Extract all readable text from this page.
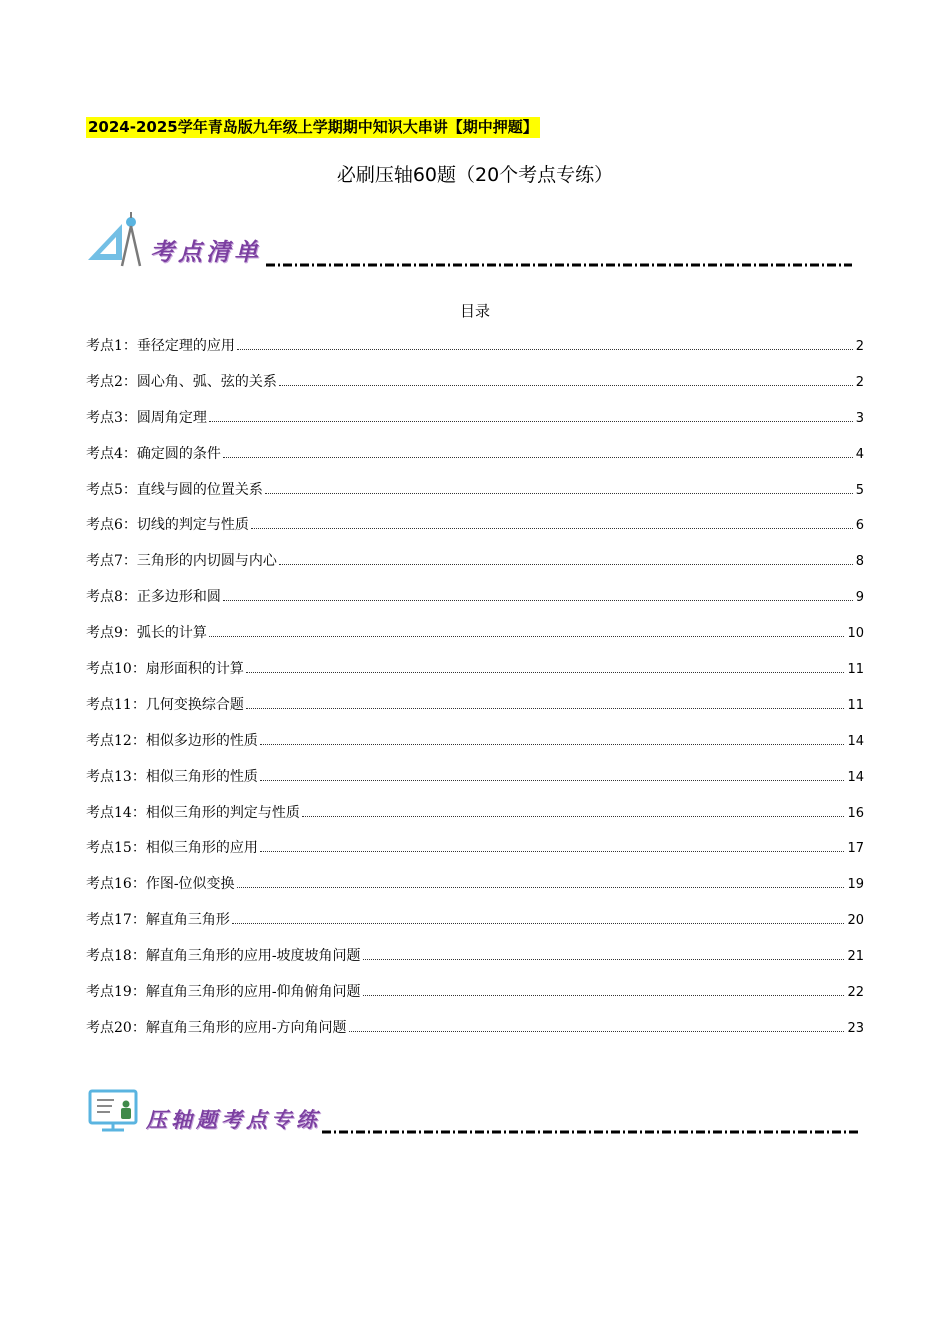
2024-2025学年青岛版九年级上学期期中知识大串讲【期中押题】
必刷压轴60题（20个考点专练）
考点清单
目录
考点1：垂径定理的应用	2
考点2：圆心角、弧、弦的关系	2
考点3：圆周角定理	3
考点4：确定圆的条件	4
考点5：直线与圆的位置关系	5
考点6：切线的判定与性质	6
考点7：三角形的内切圆与内心	8
考点8：正多边形和圆	9
考点9：弧长的计算	10
考点10：扇形面积的计算	11
考点11：几何变换综合题	11
考点12：相似多边形的性质	14
考点13：相似三角形的性质	14
考点14：相似三角形的判定与性质	16
考点15：相似三角形的应用	17
考点16：作图-位似变换	19
考点17：解直角三角形	20
考点18：解直角三角形的应用-坡度坡角问题	21
考点19：解直角三角形的应用-仰角俯角问题	22
考点20：解直角三角形的应用-方向角问题	23
压轴题考点专练
